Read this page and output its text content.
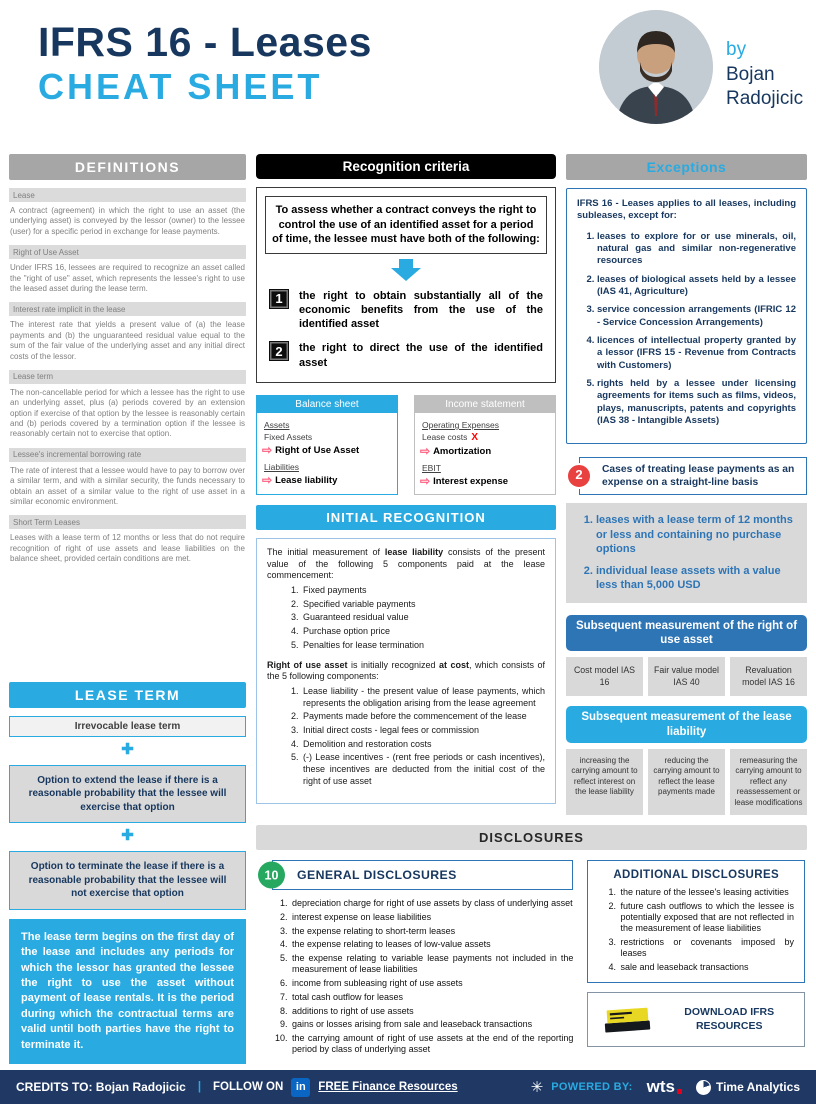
IFRS 16 - Leases
CHEAT SHEET
by
Bojan
Radojicic
DEFINITIONS
Lease
A contract (agreement) in which the right to use an asset (the underlying asset) is conveyed by the lessor (owner) to the lessee (user) for a specific period in exchange for lease payments.
Right of Use Asset
Under IFRS 16, lessees are required to recognize an asset called the "right of use" asset, which represents the lessee's right to use the leased asset during the lease term.
Interest rate implicit in the lease
The interest rate that yields a present value of (a) the lease payments and (b) the unguaranteed residual value equal to the sum of the fair value of the underlying asset and any initial direct costs of the lessor.
Lease term
The non-cancellable period for which a lessee has the right to use an underlying asset, plus (a) periods covered by an extension option if exercise of that option by the lessee is reasonably certain and (b) periods covered by a termination option if the lessee is reasonably certain not to exercise that option.
Lessee's incremental borrowing rate
The rate of interest that a lessee would have to pay to borrow over a similar term, and with a similar security, the funds necessary to obtain an asset of a similar value to the right of use asset in a similar economic environment.
Short Term Leases
Leases with a lease term of 12 months or less that do not require recognition of right of use assets and lease liabilities on the balance sheet, provided certain conditions are met.
LEASE TERM
Irrevocable lease term
✚
Option to extend the lease if there is a reasonable probability that the lessee will exercise that option
✚
Option to terminate the lease if there is a reasonable probability that the lessee will not exercise that option
The lease term begins on the first day of the lease and includes any periods for which the lessor has granted the lessee the right to use the asset without payment of lease rentals. It is the period during which the contractual terms are valid until both parties have the right to terminate it.
Recognition criteria
To assess whether a contract conveys the right to control the use of an identified asset for a period of time, the lessee must have both of the following:
1	the right to obtain substantially all of the economic benefits from the use of the identified asset
2	the right to direct the use of the identified asset
Balance sheet
Assets
Fixed Assets
⇨ Right of Use Asset
Liabilities
⇨ Lease liability
Income statement
Operating Expenses
Lease costs X
⇨ Amortization
EBIT
⇨ Interest expense
INITIAL RECOGNITION

The initial measurement of lease liability consists of the present value of the following 5 components paid at the lease commencement:

1. Fixed payments
2. Specified variable payments
3. Guaranteed residual value
4. Purchase option price
5. Penalties for lease termination

Right of use asset is initially recognized at cost, which consists of the 5 following components:

1. Lease liability - the present value of lease payments, which represents the obligation arising from the lease agreement
2. Payments made before the commencement of the lease
3. Initial direct costs - legal fees or commission
4. Demolition and restoration costs
5. (-) Lease incentives - (rent free periods or cash incentives), these incentives are deducted from the initial cost of the right of use asset
Exceptions
IFRS 16 - Leases applies to all leases, including subleases, except for:
1. leases to explore for or use minerals, oil, natural gas and similar non-regenerative resources
2. leases of biological assets held by a lessee (IAS 41, Agriculture)
3. service concession arrangements (IFRIC 12 - Service Concession Arrangements)
4. licences of intellectual property granted by a lessor (IFRS 15 - Revenue from Contracts with Customers)
5. rights held by a lessee under licensing agreements for items such as films, videos, plays, manuscripts, patents and copyrights (IAS 38 - Intangible Assets)
2	Cases of treating lease payments as an expense on a straight-line basis
1. leases with a lease term of 12 months or less and containing no purchase options
2. individual lease assets with a value less than 5,000 USD
Subsequent measurement of the right of use asset
Cost model IAS 16
Fair value model IAS 40
Revaluation model IAS 16
Subsequent measurement of the lease liability
increasing the carrying amount to reflect interest on the lease liability
reducing the carrying amount to reflect the lease payments made
remeasuring the carrying amount to reflect any reassessement or lease modifications
DISCLOSURES
10	GENERAL DISCLOSURES
1. depreciation charge for right of use assets by class of underlying asset
2. interest expense on lease liabilities
3. the expense relating to short-term leases
4. the expense relating to leases of low-value assets
5. the expense relating to variable lease payments not included in the measurement of lease liabilities
6. income from subleasing right of use assets
7. total cash outflow for leases
8. additions to right of use assets
9. gains or losses arising from sale and leaseback transactions
10. the carrying amount of right of use assets at the end of the reporting period by class of underlying asset
ADDITIONAL DISCLOSURES
1. the nature of the lessee's leasing activities
2. future cash outflows to which the lessee is potentially exposed that are not reflected in the measurement of lease liabilities
3. restrictions or covenants imposed by leases
4. sale and leaseback transactions
DOWNLOAD IFRS RESOURCES
CREDITS TO: Bojan Radojicic | FOLLOW ON	in	FREE Finance Resources	✳ POWERED BY: wts	Time Analytics
